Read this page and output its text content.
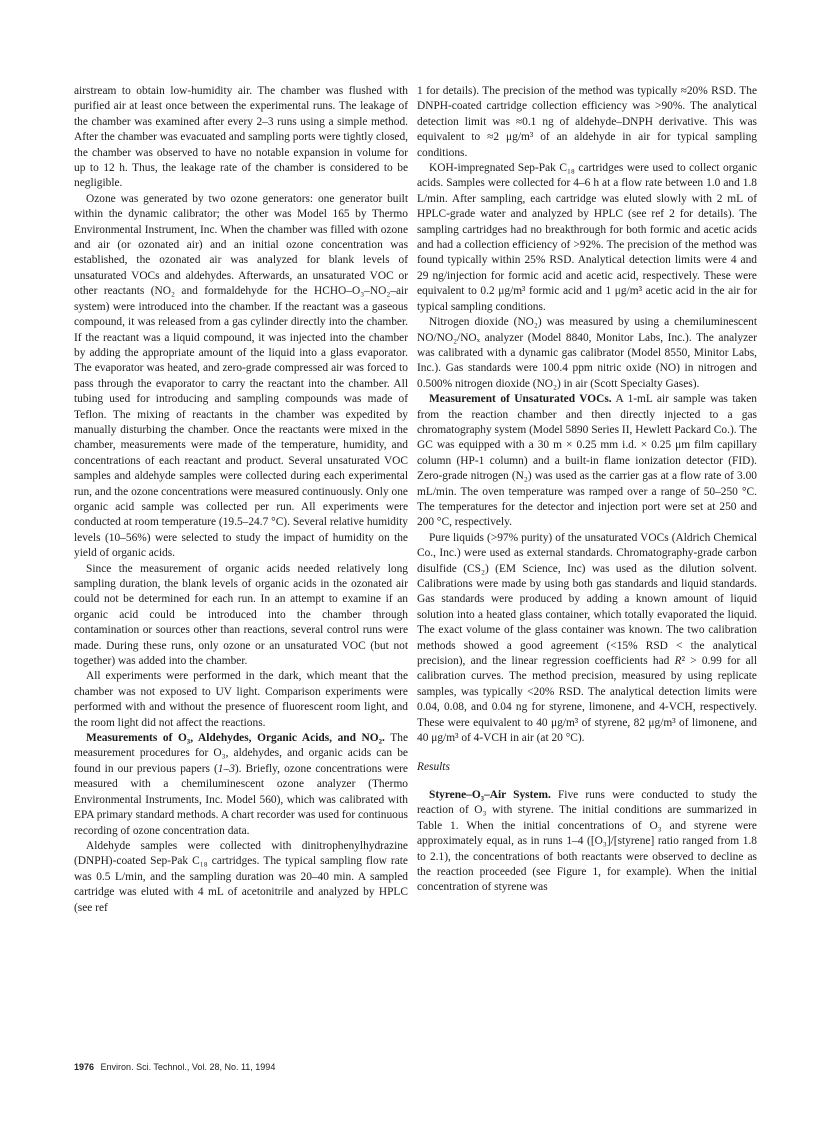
airstream to obtain low-humidity air. The chamber was flushed with purified air at least once between the experimental runs. The leakage of the chamber was examined after every 2–3 runs using a simple method. After the chamber was evacuated and sampling ports were tightly closed, the chamber was observed to have no notable expansion in volume for up to 12 h. Thus, the leakage rate of the chamber is considered to be negligible.

Ozone was generated by two ozone generators: one generator built within the dynamic calibrator; the other was Model 165 by Thermo Environmental Instrument, Inc. When the chamber was filled with ozone and air (or ozonated air) and an initial ozone concentration was established, the ozonated air was analyzed for blank levels of unsaturated VOCs and aldehydes. Afterwards, an unsaturated VOC or other reactants (NO₂ and formaldehyde for the HCHO–O₃–NO₂–air system) were introduced into the chamber. If the reactant was a gaseous compound, it was released from a gas cylinder directly into the chamber. If the reactant was a liquid compound, it was injected into the chamber by adding the appropriate amount of the liquid into a glass evaporator. The evaporator was heated, and zero-grade compressed air was forced to pass through the evaporator to carry the reactant into the chamber. All tubing used for introducing and sampling compounds was made of Teflon. The mixing of reactants in the chamber was expedited by manually disturbing the chamber. Once the reactants were mixed in the chamber, measurements were made of the temperature, humidity, and concentrations of each reactant and product. Several unsaturated VOC samples and aldehyde samples were collected during each experimental run, and the ozone concentrations were measured continuously. Only one organic acid sample was collected per run. All experiments were conducted at room temperature (19.5–24.7 °C). Several relative humidity levels (10–56%) were selected to study the impact of humidity on the yield of organic acids.

Since the measurement of organic acids needed relatively long sampling duration, the blank levels of organic acids in the ozonated air could not be determined for each run. In an attempt to examine if an organic acid could be introduced into the chamber through contamination or sources other than reactions, several control runs were made. During these runs, only ozone or an unsaturated VOC (but not together) was added into the chamber.

All experiments were performed in the dark, which meant that the chamber was not exposed to UV light. Comparison experiments were performed with and without the presence of fluorescent room light, and the room light did not affect the reactions.

Measurements of O₃, Aldehydes, Organic Acids, and NO₂. The measurement procedures for O₃, aldehydes, and organic acids can be found in our previous papers (1–3). Briefly, ozone concentrations were measured with a chemiluminescent ozone analyzer (Thermo Environmental Instruments, Inc. Model 560), which was calibrated with EPA primary standard methods. A chart recorder was used for continuous recording of ozone concentration data.

Aldehyde samples were collected with dinitrophenylhydrazine (DNPH)-coated Sep-Pak C₁₈ cartridges. The typical sampling flow rate was 0.5 L/min, and the sampling duration was 20–40 min. A sampled cartridge was eluted with 4 mL of acetonitrile and analyzed by HPLC (see ref

1 for details). The precision of the method was typically ≈20% RSD. The DNPH-coated cartridge collection efficiency was >90%. The analytical detection limit was ≈0.1 ng of aldehyde–DNPH derivative. This was equivalent to ≈2 μg/m³ of an aldehyde in air for typical sampling conditions.

KOH-impregnated Sep-Pak C₁₈ cartridges were used to collect organic acids. Samples were collected for 4–6 h at a flow rate between 1.0 and 1.8 L/min. After sampling, each cartridge was eluted slowly with 2 mL of HPLC-grade water and analyzed by HPLC (see ref 2 for details). The sampling cartridges had no breakthrough for both formic and acetic acids and had a collection efficiency of >92%. The precision of the method was found typically within 25% RSD. Analytical detection limits were 4 and 29 ng/injection for formic acid and acetic acid, respectively. These were equivalent to 0.2 μg/m³ formic acid and 1 μg/m³ acetic acid in the air for typical sampling conditions.

Nitrogen dioxide (NO₂) was measured by using a chemiluminescent NO/NO₂/NOₓ analyzer (Model 8840, Monitor Labs, Inc.). The analyzer was calibrated with a dynamic gas calibrator (Model 8550, Minitor Labs, Inc.). Gas standards were 100.4 ppm nitric oxide (NO) in nitrogen and 0.500% nitrogen dioxide (NO₂) in air (Scott Specialty Gases).

Measurement of Unsaturated VOCs. A 1-mL air sample was taken from the reaction chamber and then directly injected to a gas chromatography system (Model 5890 Series II, Hewlett Packard Co.). The GC was equipped with a 30 m × 0.25 mm i.d. × 0.25 μm film capillary column (HP-1 column) and a built-in flame ionization detector (FID). Zero-grade nitrogen (N₂) was used as the carrier gas at a flow rate of 3.00 mL/min. The oven temperature was ramped over a range of 50–250 °C. The temperatures for the detector and injection port were set at 250 and 200 °C, respectively.

Pure liquids (>97% purity) of the unsaturated VOCs (Aldrich Chemical Co., Inc.) were used as external standards. Chromatography-grade carbon disulfide (CS₂) (EM Science, Inc) was used as the dilution solvent. Calibrations were made by using both gas standards and liquid standards. Gas standards were produced by adding a known amount of liquid solution into a heated glass container, which totally evaporated the liquid. The exact volume of the glass container was known. The two calibration methods showed a good agreement (<15% RSD < the analytical precision), and the linear regression coefficients had R² > 0.99 for all calibration curves. The method precision, measured by using replicate samples, was typically <20% RSD. The analytical detection limits were 0.04, 0.08, and 0.04 ng for styrene, limonene, and 4-VCH, respectively. These were equivalent to 40 μg/m³ of styrene, 82 μg/m³ of limonene, and 40 μg/m³ of 4-VCH in air (at 20 °C).

Results

Styrene–O₃–Air System. Five runs were conducted to study the reaction of O₃ with styrene. The initial conditions are summarized in Table 1. When the initial concentrations of O₃ and styrene were approximately equal, as in runs 1–4 ([O₃]/[styrene] ratio ranged from 1.8 to 2.1), the concentrations of both reactants were observed to decline as the reaction proceeded (see Figure 1, for example). When the initial concentration of styrene was

1976 Environ. Sci. Technol., Vol. 28, No. 11, 1994
